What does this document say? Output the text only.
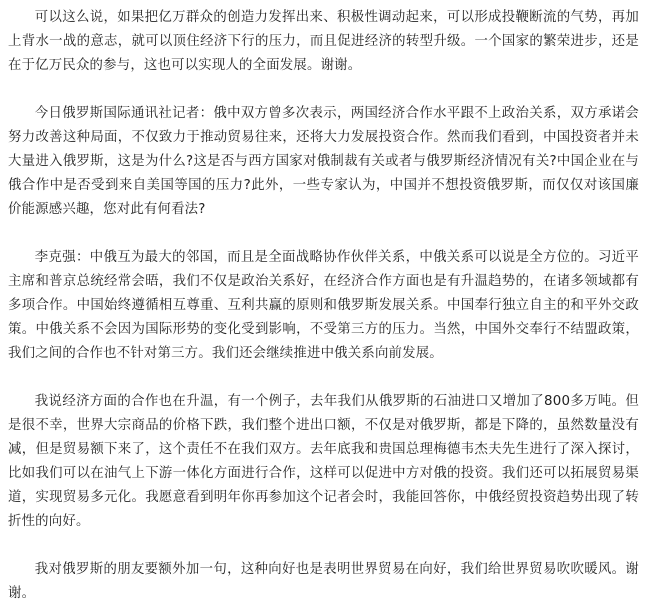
可以这么说，如果把亿万群众的创造力发挥出来、积极性调动起来，可以形成投鞭断流的气势，再加上背水一战的意志，就可以顶住经济下行的压力，而且促进经济的转型升级。一个国家的繁荣进步，还是在于亿万民众的参与，这也可以实现人的全面发展。谢谢。

今日俄罗斯国际通讯社记者：俄中双方曾多次表示，两国经济合作水平跟不上政治关系，双方承诺会努力改善这种局面，不仅致力于推动贸易往来，还将大力发展投资合作。然而我们看到，中国投资者并未大量进入俄罗斯，这是为什么?这是否与西方国家对俄制裁有关或者与俄罗斯经济情况有关?中国企业在与俄合作中是否受到来自美国等国的压力?此外，一些专家认为，中国并不想投资俄罗斯，而仅仅对该国廉价能源感兴趣，您对此有何看法?

李克强：中俄互为最大的邻国，而且是全面战略协作伙伴关系，中俄关系可以说是全方位的。习近平主席和普京总统经常会晤，我们不仅是政治关系好，在经济合作方面也是有升温趋势的，在诸多领域都有多项合作。中国始终遵循相互尊重、互利共赢的原则和俄罗斯发展关系。中国奉行独立自主的和平外交政策。中俄关系不会因为国际形势的变化受到影响，不受第三方的压力。当然，中国外交奉行不结盟政策，我们之间的合作也不针对第三方。我们还会继续推进中俄关系向前发展。

我说经济方面的合作也在升温，有一个例子，去年我们从俄罗斯的石油进口又增加了800多万吨。但是很不幸，世界大宗商品的价格下跌，我们整个进出口额，不仅是对俄罗斯，都是下降的，虽然数量没有减，但是贸易额下来了，这个责任不在我们双方。去年底我和贵国总理梅德韦杰夫先生进行了深入探讨，比如我们可以在油气上下游一体化方面进行合作，这样可以促进中方对俄的投资。我们还可以拓展贸易渠道，实现贸易多元化。我愿意看到明年你再参加这个记者会时，我能回答你，中俄经贸投资趋势出现了转折性的向好。

我对俄罗斯的朋友要额外加一句，这种向好也是表明世界贸易在向好，我们给世界贸易吹吹暖风。谢谢。
